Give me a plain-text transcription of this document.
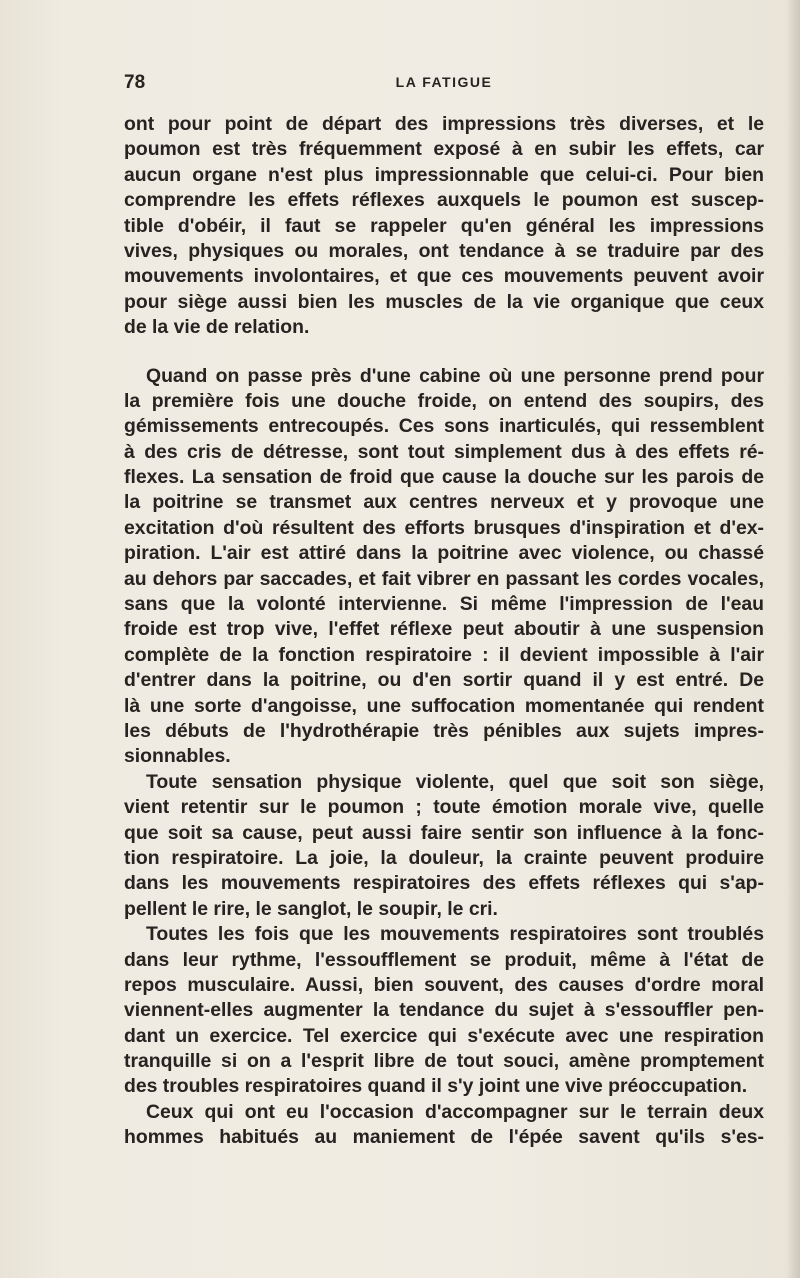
78	LA FATIGUE
ont pour point de départ des impressions très diverses, et le
poumon est très fréquemment exposé à en subir les effets, car
aucun organe n'est plus impressionnable que celui-ci. Pour bien
comprendre les effets réflexes auxquels le poumon est suscep-
tible d'obéir, il faut se rappeler qu'en général les impressions
vives, physiques ou morales, ont tendance à se traduire par des
mouvements involontaires, et que ces mouvements peuvent avoir
pour siège aussi bien les muscles de la vie organique que ceux
de la vie de relation.
Quand on passe près d'une cabine où une personne prend pour
la première fois une douche froide, on entend des soupirs, des
gémissements entrecoupés. Ces sons inarticulés, qui ressemblent
à des cris de détresse, sont tout simplement dus à des effets ré-
flexes. La sensation de froid que cause la douche sur les parois de
la poitrine se transmet aux centres nerveux et y provoque une
excitation d'où résultent des efforts brusques d'inspiration et d'ex-
piration. L'air est attiré dans la poitrine avec violence, ou chassé
au dehors par saccades, et fait vibrer en passant les cordes vocales,
sans que la volonté intervienne. Si même l'impression de l'eau
froide est trop vive, l'effet réflexe peut aboutir à une suspension
complète de la fonction respiratoire : il devient impossible à l'air
d'entrer dans la poitrine, ou d'en sortir quand il y est entré. De
là une sorte d'angoisse, une suffocation momentanée qui rendent
les débuts de l'hydrothérapie très pénibles aux sujets impres-
sionnables.
Toute sensation physique violente, quel que soit son siège,
vient retentir sur le poumon ; toute émotion morale vive, quelle
que soit sa cause, peut aussi faire sentir son influence à la fonc-
tion respiratoire. La joie, la douleur, la crainte peuvent produire
dans les mouvements respiratoires des effets réflexes qui s'ap-
pellent le rire, le sanglot, le soupir, le cri.
Toutes les fois que les mouvements respiratoires sont troublés
dans leur rythme, l'essoufflement se produit, même à l'état de
repos musculaire. Aussi, bien souvent, des causes d'ordre moral
viennent-elles augmenter la tendance du sujet à s'essouffler pen-
dant un exercice. Tel exercice qui s'exécute avec une respiration
tranquille si on a l'esprit libre de tout souci, amène promptement
des troubles respiratoires quand il s'y joint une vive préoccupation.
Ceux qui ont eu l'occasion d'accompagner sur le terrain deux
hommes habitués au maniement de l'épée savent qu'ils s'es-
